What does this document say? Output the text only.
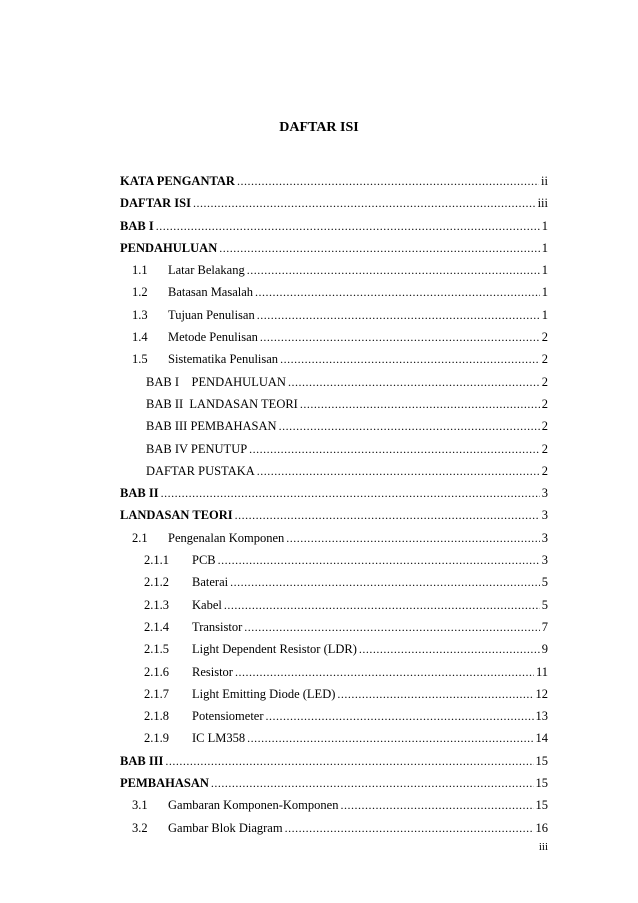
DAFTAR ISI
KATA PENGANTAR .....	ii
DAFTAR ISI .....	iii
BAB I .....	1
PENDAHULUAN .....	1
1.1	Latar Belakang .....	1
1.2	Batasan Masalah .....	1
1.3	Tujuan Penulisan .....	1
1.4	Metode Penulisan .....	2
1.5	Sistematika Penulisan .....	2
BAB I    PENDAHULUAN .....	2
BAB II  LANDASAN TEORI .....	2
BAB III PEMBAHASAN .....	2
BAB IV PENUTUP .....	2
DAFTAR PUSTAKA .....	2
BAB II .....	3
LANDASAN TEORI .....	3
2.1	Pengenalan Komponen .....	3
2.1.1	PCB .....	3
2.1.2	Baterai .....	5
2.1.3	Kabel .....	5
2.1.4	Transistor .....	7
2.1.5	Light Dependent Resistor (LDR) .....	9
2.1.6	Resistor .....	11
2.1.7	Light Emitting Diode (LED) .....	12
2.1.8	Potensiometer .....	13
2.1.9	IC LM358 .....	14
BAB III .....	15
PEMBAHASAN .....	15
3.1	Gambaran Komponen-Komponen .....	15
3.2	Gambar Blok Diagram .....	16
iii
